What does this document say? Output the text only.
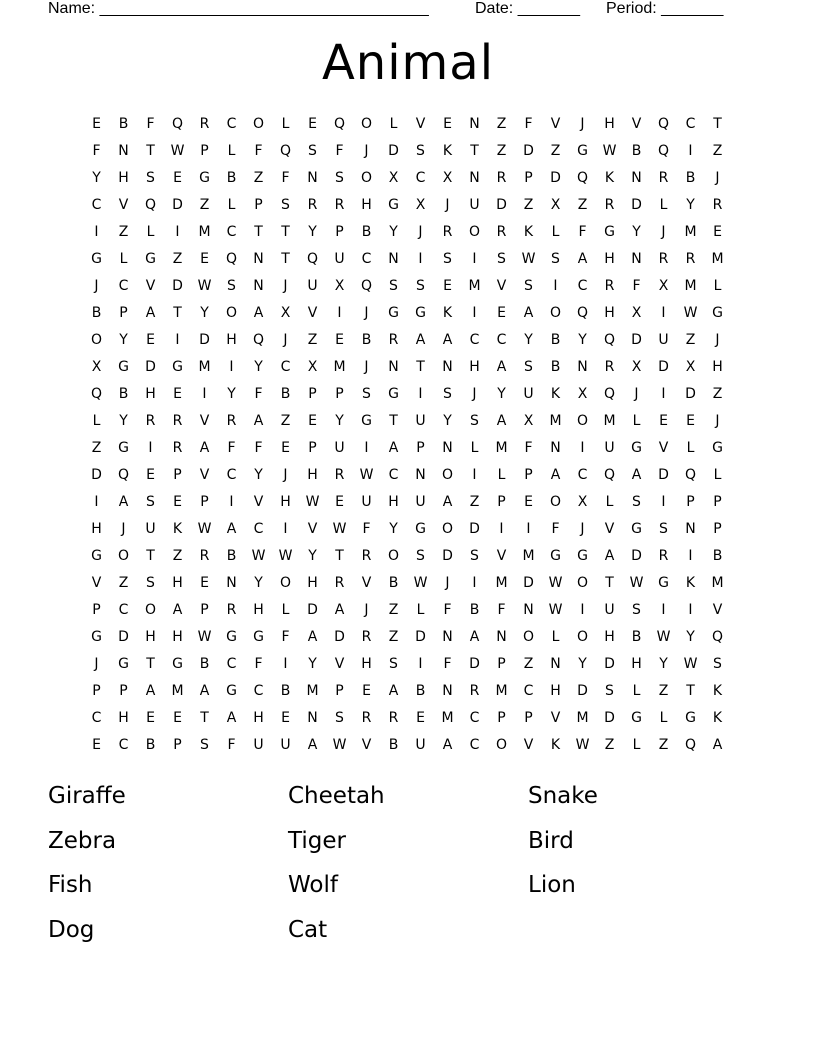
Name: _____________________________________	Date: _______ Period: _______
Animal
E	B	F	Q	R	C	O	L	E	Q	O	L	V	E	N	Z	F	V	J	H	V	Q	C	T
F	N	T	W	P	L	F	Q	S	F	J	D	S	K	T	Z	D	Z	G	W	B	Q	I	Z
Y	H	S	E	G	B	Z	F	N	S	O	X	C	X	N	R	P	D	Q	K	N	R	B	J
C	V	Q	D	Z	L	P	S	R	R	H	G	X	J	U	D	Z	X	Z	R	D	L	Y	R
I	Z	L	I	M	C	T	T	Y	P	B	Y	J	R	O	R	K	L	F	G	Y	J	M	E
G	L	G	Z	E	Q	N	T	Q	U	C	N	I	S	I	S	W	S	A	H	N	R	R	M
J	C	V	D	W	S	N	J	U	X	Q	S	S	E	M	V	S	I	C	R	F	X	M	L
B	P	A	T	Y	O	A	X	V	I	J	G	G	K	I	E	A	O	Q	H	X	I	W	G
O	Y	E	I	D	H	Q	J	Z	E	B	R	A	A	C	C	Y	B	Y	Q	D	U	Z	J
X	G	D	G	M	I	Y	C	X	M	J	N	T	N	H	A	S	B	N	R	X	D	X	H
Q	B	H	E	I	Y	F	B	P	P	S	G	I	S	J	Y	U	K	X	Q	J	I	D	Z
L	Y	R	R	V	R	A	Z	E	Y	G	T	U	Y	S	A	X	M	O	M	L	E	E	J
Z	G	I	R	A	F	F	E	P	U	I	A	P	N	L	M	F	N	I	U	G	V	L	G
D	Q	E	P	V	C	Y	J	H	R	W	C	N	O	I	L	P	A	C	Q	A	D	Q	L
I	A	S	E	P	I	V	H	W	E	U	H	U	A	Z	P	E	O	X	L	S	I	P	P
H	J	U	K	W	A	C	I	V	W	F	Y	G	O	D	I	I	F	J	V	G	S	N	P
G	O	T	Z	R	B	W W	Y	T	R	O	S	D	S	V	M	G	G	A	D	R	I	B
V	Z	S	H	E	N	Y	O	H	R	V	B	W	J	I	M	D	W	O	T	W	G	K	M
P	C	O	A	P	R	H	L	D	A	J	Z	L	F	B	F	N	W	I	U	S	I	I	V
G	D	H	H	W	G	G	F	A	D	R	Z	D	N	A	N	O	L	O	H	B	W	Y	Q
J	G	T	G	B	C	F	I	Y	V	H	S	I	F	D	P	Z	N	Y	D	H	Y	W	S
P	P	A	M	A	G	C	B	M	P	E	A	B	N	R	M	C	H	D	S	L	Z	T	K
C	H	E	E	T	A	H	E	N	S	R	R	E	M	C	P	P	V	M	D	G	L	G	K
E	C	B	P	S	F	U	U	A	W	V	B	U	A	C	O	V	K	W	Z	L	Z	Q	A
Giraffe	Cheetah	Snake
Zebra	Tiger	Bird
Fish	Wolf	Lion
Dog	Cat
